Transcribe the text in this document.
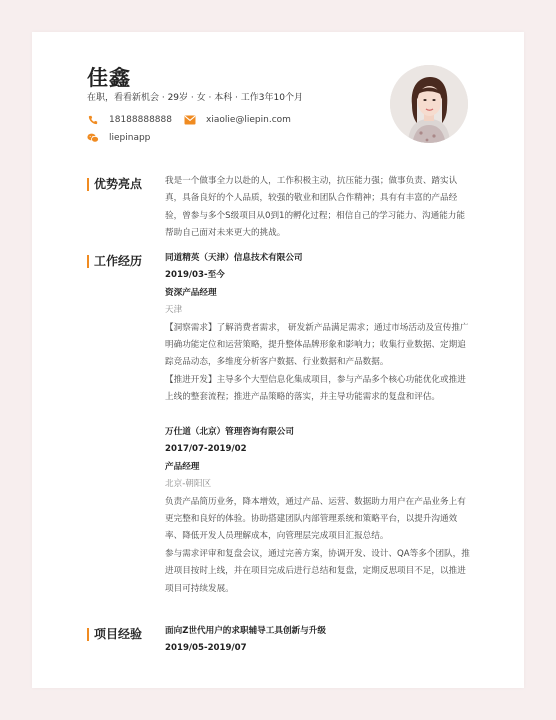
佳鑫
在职，看看新机会 · 29岁 · 女 · 本科 · 工作3年10个月
18188888888	xiaolie@liepin.com
liepinapp
优势亮点	我是一个做事全力以赴的人，工作积极主动，抗压能力强；做事负责、踏实认真，具备良好的个人品质，较强的敬业和团队合作精神；具有有丰富的产品经验，曾参与多个S级项目从0到1的孵化过程；相信自己的学习能力、沟通能力能帮助自己面对未来更大的挑战。

工作经历	同道精英（天津）信息技术有限公司

2019/03-至今

资深产品经理

天津

【洞察需求】了解消费者需求， 研发新产品满足需求；通过市场活动及宣传推广明确功能定位和运营策略，提升整体品牌形象和影响力；收集行业数据、定期追踪竞品动态，多维度分析客户数据、行业数据和产品数据。

【推进开发】主导多个大型信息化集成项目，参与产品多个核心功能优化或推进上线的整套流程；推进产品策略的落实，并主导功能需求的复盘和评估。

万仕道（北京）管理咨询有限公司

2017/07-2019/02

产品经理

北京-朝阳区

负责产品简历业务，降本增效，通过产品、运营、数据助力用户在产品业务上有更完整和良好的体验。协助搭建团队内部管理系统和策略平台，以提升沟通效率、降低开发人员理解成本，向管理层完成项目汇报总结。

参与需求评审和复盘会议，通过完善方案，协调开发、设计、QA等多个团队，推进项目按时上线，并在项目完成后进行总结和复盘，定期反思项目不足，以推进项目可持续发展。

项目经验	面向Z世代用户的求职辅导工具创新与升级

2019/05-2019/07
